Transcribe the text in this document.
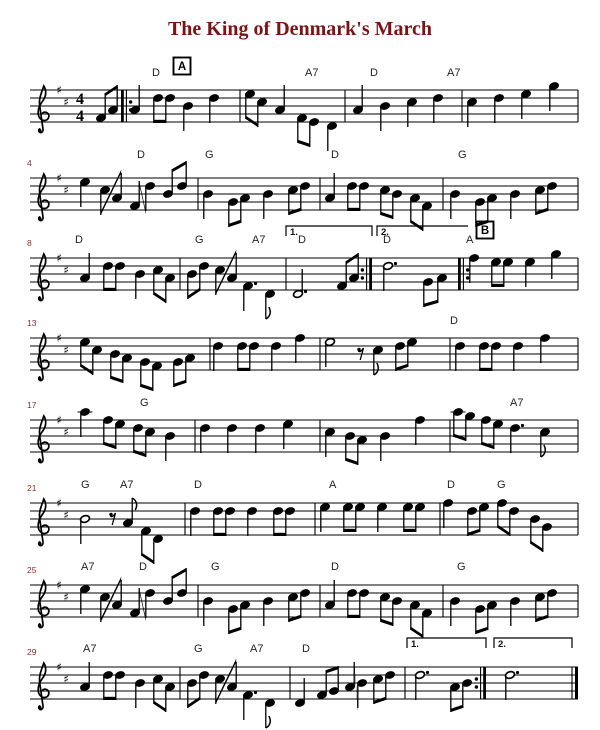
The King of Denmark's March
♯
♯ 4
4
D	A7	D	A7
A
♯
♯
D	G	D	G
4
♯
♯
1.	2.
D	G	A7	D	D	A
B
8
♯
♯
D
13
♯
♯
G	A7
17
♯
♯
G	A7	D	A	D	G
21
♯
♯
A7	D	G	D	G
25
♯
♯
1.	2.
A7	G	A7	D
29
